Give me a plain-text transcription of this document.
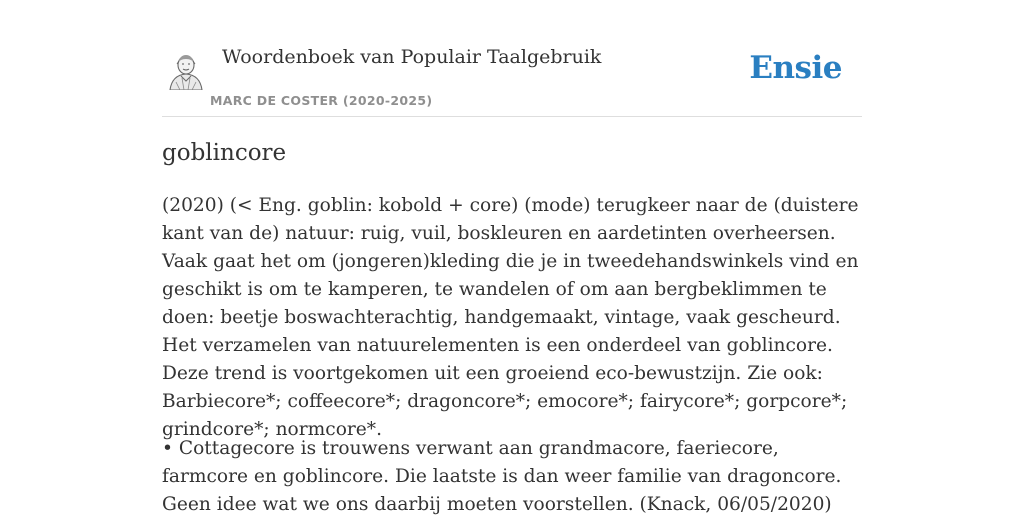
Woordenboek van Populair Taalgebruik
MARC DE COSTER (2020-2025)
Ensie
goblincore

(2020) (< Eng. goblin: kobold + core) (mode) terugkeer naar de (duistere kant van de) natuur: ruig, vuil, boskleuren en aardetinten overheersen. Vaak gaat het om (jongeren)kleding die je in tweedehandswinkels vind en geschikt is om te kamperen, te wandelen of om aan bergbeklimmen te doen: beetje boswachterachtig, handgemaakt, vintage, vaak gescheurd. Het verzamelen van natuurelementen is een onderdeel van goblincore. Deze trend is voortgekomen uit een groeiend eco-bewustzijn. Zie ook: Barbiecore*; coffeecore*; dragoncore*; emocore*; fairycore*; gorpcore*; grindcore*; normcore*.

• Cottagecore is trouwens verwant aan grandmacore, faeriecore, farmcore en goblincore. Die laatste is dan weer familie van dragoncore. Geen idee wat we ons daarbij moeten voorstellen. (Knack, 06/05/2020)
